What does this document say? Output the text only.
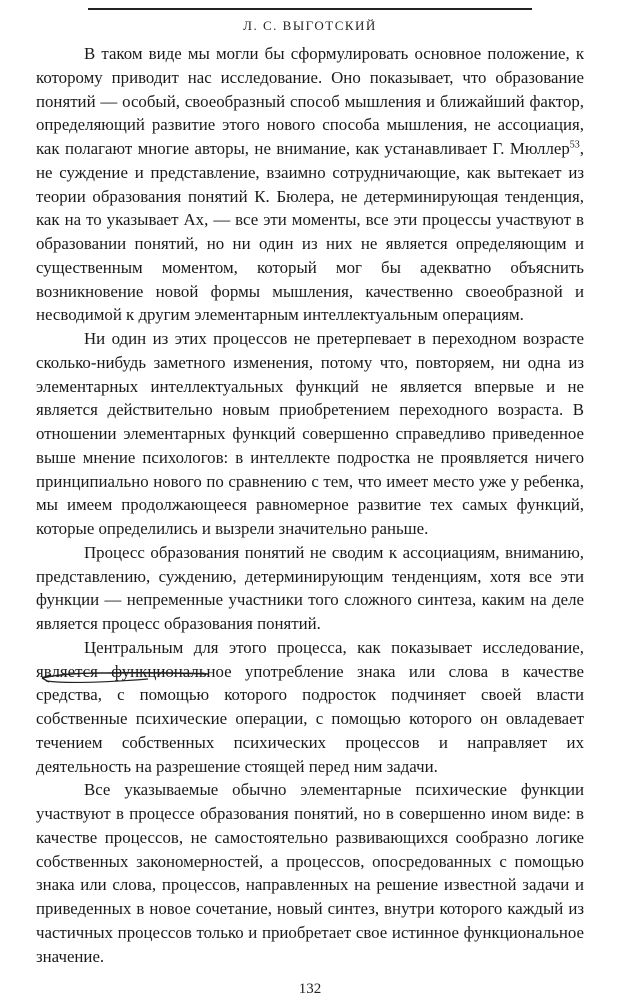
Л. С. ВЫГОТСКИЙ

В таком виде мы могли бы сформулировать основное положение, к которому приводит нас исследование. Оно показывает, что образование понятий — особый, своеобразный способ мышления и ближайший фактор, определяющий развитие этого нового способа мышления, не ассоциация, как полагают многие авторы, не внимание, как устанавливает Г. Мюллер$^{53}$, не суждение и представление, взаимно сотрудничающие, как вытекает из теории образования понятий К. Бюлера, не детерминирующая тенденция, как на то указывает Ах, — все эти моменты, все эти процессы участвуют в образовании понятий, но ни один из них не является определяющим и существенным моментом, который мог бы адекватно объяснить возникновение новой формы мышления, качественно своеобразной и несводимой к другим элементарным интеллектуальным операциям.

Ни один из этих процессов не претерпевает в переходном возрасте сколько-нибудь заметного изменения, потому что, повторяем, ни одна из элементарных интеллектуальных функций не является впервые и не является действительно новым приобретением переходного возраста. В отношении элементарных функций совершенно справедливо приведенное выше мнение психологов: в интеллекте подростка не проявляется ничего принципиально нового по сравнению с тем, что имеет место уже у ребенка, мы имеем продолжающееся равномерное развитие тех самых функций, которые определились и вызрели значительно раньше.

Процесс образования понятий не сводим к ассоциациям, вниманию, представлению, суждению, детерминирующим тенденциям, хотя все эти функции — непременные участники того сложного синтеза, каким на деле является процесс образования понятий.

Центральным для этого процесса, как показывает исследование, является функциональное употребление знака или слова в качестве средства, с помощью которого подросток подчиняет своей власти собственные психические операции, с помощью которого он овладевает течением собственных психических процессов и направляет их деятельность на разрешение стоящей перед ним задачи.

Все указываемые обычно элементарные психические функции участвуют в процессе образования понятий, но в совершенно ином виде: в качестве процессов, не самостоятельно развивающихся сообразно логике собственных закономерностей, а процессов, опосредованных с помощью знака или слова, процессов, направленных на решение известной задачи и приведенных в новое сочетание, новый синтез, внутри которого каждый из частичных процессов только и приобретает свое истинное функциональное значение.

132
